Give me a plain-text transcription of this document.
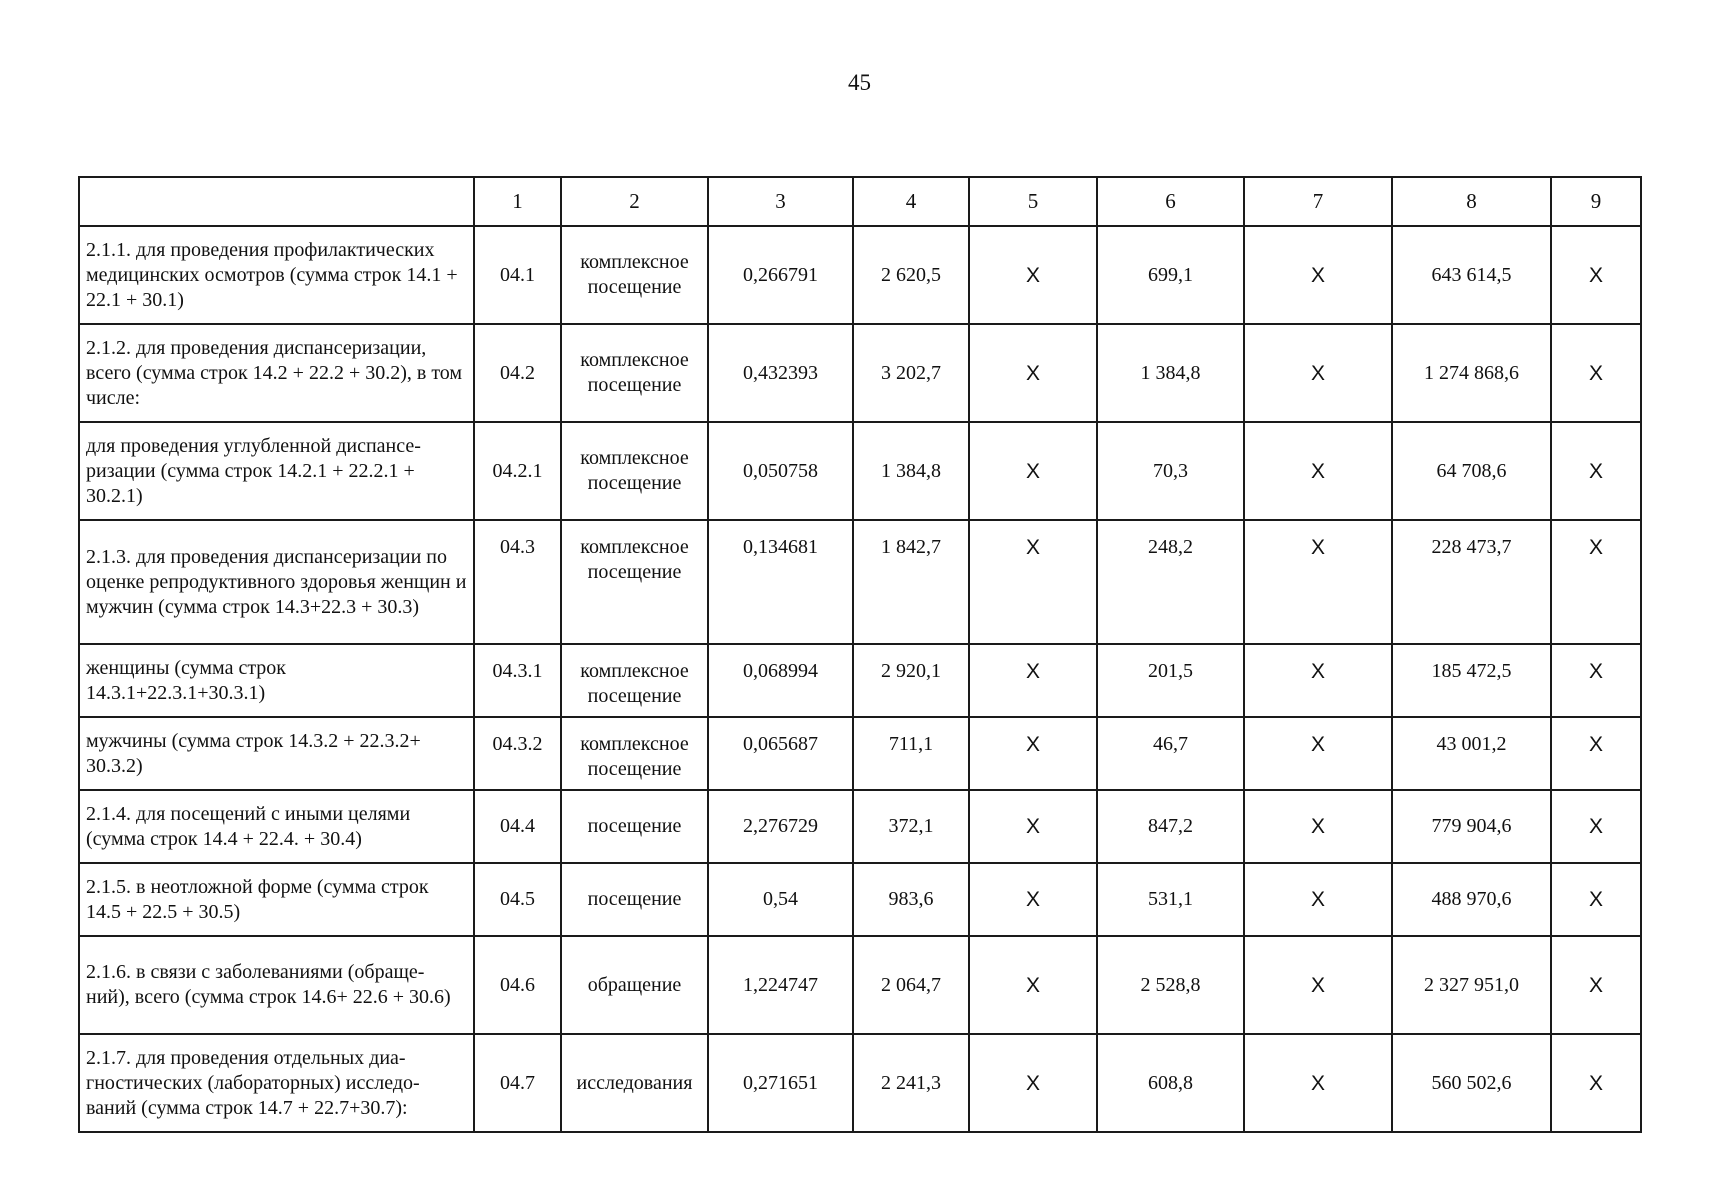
45
	1	2	3	4	5	6	7	8	9
2.1.1. для проведения профилактических медицинских осмотров (сумма строк 14.1 + 22.1 + 30.1)	04.1	комплексное посещение	0,266791	2 620,5	X	699,1	X	643 614,5	X
2.1.2. для проведения диспансеризации, всего (сумма строк 14.2 + 22.2 + 30.2), в том числе:	04.2	комплексное посещение	0,432393	3 202,7	X	1 384,8	X	1 274 868,6	X
для проведения углубленной диспансе-ризации (сумма строк 14.2.1 + 22.2.1 + 30.2.1)	04.2.1	комплексное посещение	0,050758	1 384,8	X	70,3	X	64 708,6	X
2.1.3. для проведения диспансеризации по оценке репродуктивного здоровья женщин и мужчин (сумма строк 14.3+22.3 + 30.3)	04.3	комплексное посещение	0,134681	1 842,7	X	248,2	X	228 473,7	X
женщины (сумма строк 14.3.1+22.3.1+30.3.1)	04.3.1	комплексное посещение	0,068994	2 920,1	X	201,5	X	185 472,5	X
мужчины (сумма строк 14.3.2 + 22.3.2+ 30.3.2)	04.3.2	комплексное посещение	0,065687	711,1	X	46,7	X	43 001,2	X
2.1.4. для посещений с иными целями (сумма строк 14.4 + 22.4. + 30.4)	04.4	посещение	2,276729	372,1	X	847,2	X	779 904,6	X
2.1.5. в неотложной форме (сумма строк 14.5 + 22.5 + 30.5)	04.5	посещение	0,54	983,6	X	531,1	X	488 970,6	X
2.1.6. в связи с заболеваниями (обраще-ний), всего (сумма строк 14.6+ 22.6 + 30.6)	04.6	обращение	1,224747	2 064,7	X	2 528,8	X	2 327 951,0	X
2.1.7. для проведения отдельных диа-гностических (лабораторных) исследо-ваний (сумма строк 14.7 + 22.7+30.7):	04.7	исследования	0,271651	2 241,3	X	608,8	X	560 502,6	X
